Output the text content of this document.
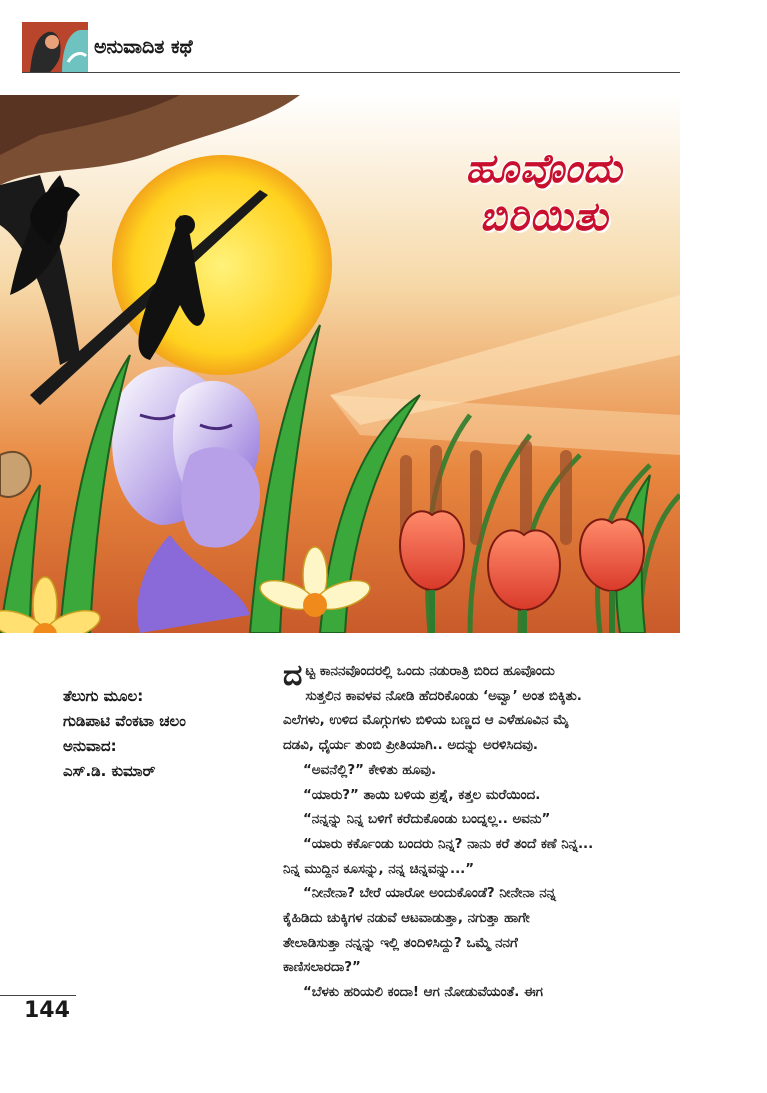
ಅನುವಾದಿತ ಕಥೆ
ಹೂವೊಂದು
ಬಿರಿಯಿತು
ತೆಲುಗು ಮೂಲ:
ಗುಡಿಪಾಟಿ ವೆಂಕಟಾ ಚಲಂ
ಅನುವಾದ:
ಎಸ್.ಡಿ. ಕುಮಾರ್
ದ ಟ್ಟ ಕಾನನವೊಂದರಲ್ಲಿ ಒಂದು ನಡುರಾತ್ರಿ ಬಿರಿದ ಹೂವೊಂದು

ಸುತ್ತಲಿನ ಕಾವಳವ ನೋಡಿ ಹೆದರಿಕೊಂಡು ‘ಅವ್ವಾ’ ಅಂತ ಬಿಕ್ಕಿತು.

ಎಲೆಗಳು, ಉಳಿದ ಮೊಗ್ಗುಗಳು ಬಿಳಿಯ ಬಣ್ಣದ ಆ ಎಳೆಹೂವಿನ ಮೈ

ದಡವಿ, ಧೈರ್ಯ ತುಂಬಿ ಪ್ರೀತಿಯಾಗಿ.. ಅದನ್ನು ಅರಳಿಸಿದವು.

“ಅವನೆಲ್ಲಿ?” ಕೇಳಿತು ಹೂವು.

“ಯಾರು?” ತಾಯಿ ಬಳಿಯ ಪ್ರಶ್ನೆ, ಕತ್ತಲ ಮರೆಯಿಂದ.

“ನನ್ನನ್ನು ನಿನ್ನ ಬಳಿಗೆ ಕರೆದುಕೊಂಡು ಬಂದ್ನಲ್ಲ.. ಅವನು”

“ಯಾರು ಕರ್ಕೊಂಡು ಬಂದರು ನಿನ್ನ? ನಾನು ಕರೆ ತಂದೆ ಕಣೆ ನಿನ್ನ...

ನಿನ್ನ ಮುದ್ದಿನ ಕೂಸನ್ನು, ನನ್ನ ಚಿನ್ನವನ್ನು...”

“ನೀನೇನಾ? ಬೇರೆ ಯಾರೋ ಅಂದುಕೊಂಡೆ? ನೀನೇನಾ ನನ್ನ

ಕೈಹಿಡಿದು ಚುಕ್ಕಿಗಳ ನಡುವೆ ಆಟವಾಡುತ್ತಾ, ನಗುತ್ತಾ ಹಾಗೇ

ತೇಲಾಡಿಸುತ್ತಾ ನನ್ನನ್ನು ಇಲ್ಲಿ ತಂದಿಳಿಸಿದ್ದು? ಒಮ್ಮೆ ನನಗೆ

ಕಾಣಿಸಲಾರದಾ?”

“ಬೆಳಕು ಹರಿಯಲಿ ಕಂದಾ! ಆಗ ನೋಡುವೆಯಂತೆ. ಈಗ

144
